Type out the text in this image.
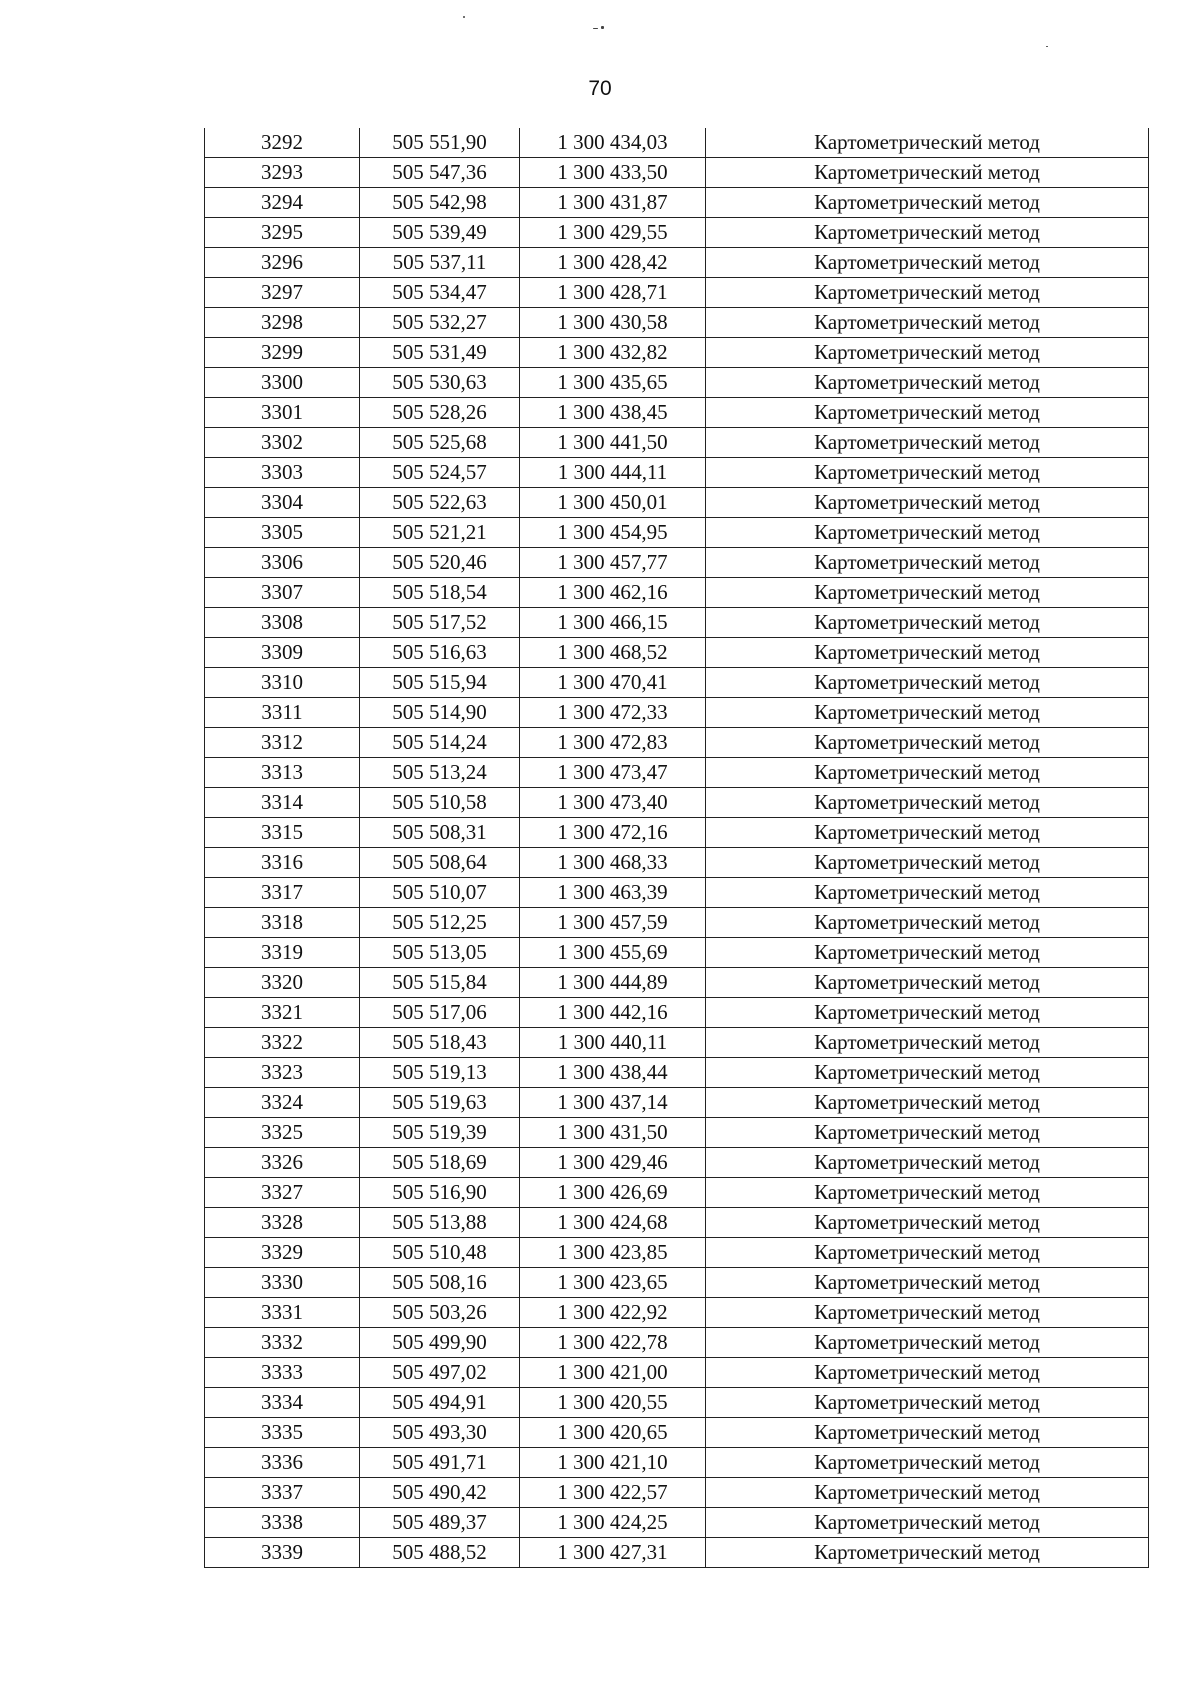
70
3292	505 551,90	1 300 434,03	Картометрический метод
3293	505 547,36	1 300 433,50	Картометрический метод
3294	505 542,98	1 300 431,87	Картометрический метод
3295	505 539,49	1 300 429,55	Картометрический метод
3296	505 537,11	1 300 428,42	Картометрический метод
3297	505 534,47	1 300 428,71	Картометрический метод
3298	505 532,27	1 300 430,58	Картометрический метод
3299	505 531,49	1 300 432,82	Картометрический метод
3300	505 530,63	1 300 435,65	Картометрический метод
3301	505 528,26	1 300 438,45	Картометрический метод
3302	505 525,68	1 300 441,50	Картометрический метод
3303	505 524,57	1 300 444,11	Картометрический метод
3304	505 522,63	1 300 450,01	Картометрический метод
3305	505 521,21	1 300 454,95	Картометрический метод
3306	505 520,46	1 300 457,77	Картометрический метод
3307	505 518,54	1 300 462,16	Картометрический метод
3308	505 517,52	1 300 466,15	Картометрический метод
3309	505 516,63	1 300 468,52	Картометрический метод
3310	505 515,94	1 300 470,41	Картометрический метод
3311	505 514,90	1 300 472,33	Картометрический метод
3312	505 514,24	1 300 472,83	Картометрический метод
3313	505 513,24	1 300 473,47	Картометрический метод
3314	505 510,58	1 300 473,40	Картометрический метод
3315	505 508,31	1 300 472,16	Картометрический метод
3316	505 508,64	1 300 468,33	Картометрический метод
3317	505 510,07	1 300 463,39	Картометрический метод
3318	505 512,25	1 300 457,59	Картометрический метод
3319	505 513,05	1 300 455,69	Картометрический метод
3320	505 515,84	1 300 444,89	Картометрический метод
3321	505 517,06	1 300 442,16	Картометрический метод
3322	505 518,43	1 300 440,11	Картометрический метод
3323	505 519,13	1 300 438,44	Картометрический метод
3324	505 519,63	1 300 437,14	Картометрический метод
3325	505 519,39	1 300 431,50	Картометрический метод
3326	505 518,69	1 300 429,46	Картометрический метод
3327	505 516,90	1 300 426,69	Картометрический метод
3328	505 513,88	1 300 424,68	Картометрический метод
3329	505 510,48	1 300 423,85	Картометрический метод
3330	505 508,16	1 300 423,65	Картометрический метод
3331	505 503,26	1 300 422,92	Картометрический метод
3332	505 499,90	1 300 422,78	Картометрический метод
3333	505 497,02	1 300 421,00	Картометрический метод
3334	505 494,91	1 300 420,55	Картометрический метод
3335	505 493,30	1 300 420,65	Картометрический метод
3336	505 491,71	1 300 421,10	Картометрический метод
3337	505 490,42	1 300 422,57	Картометрический метод
3338	505 489,37	1 300 424,25	Картометрический метод
3339	505 488,52	1 300 427,31	Картометрический метод
